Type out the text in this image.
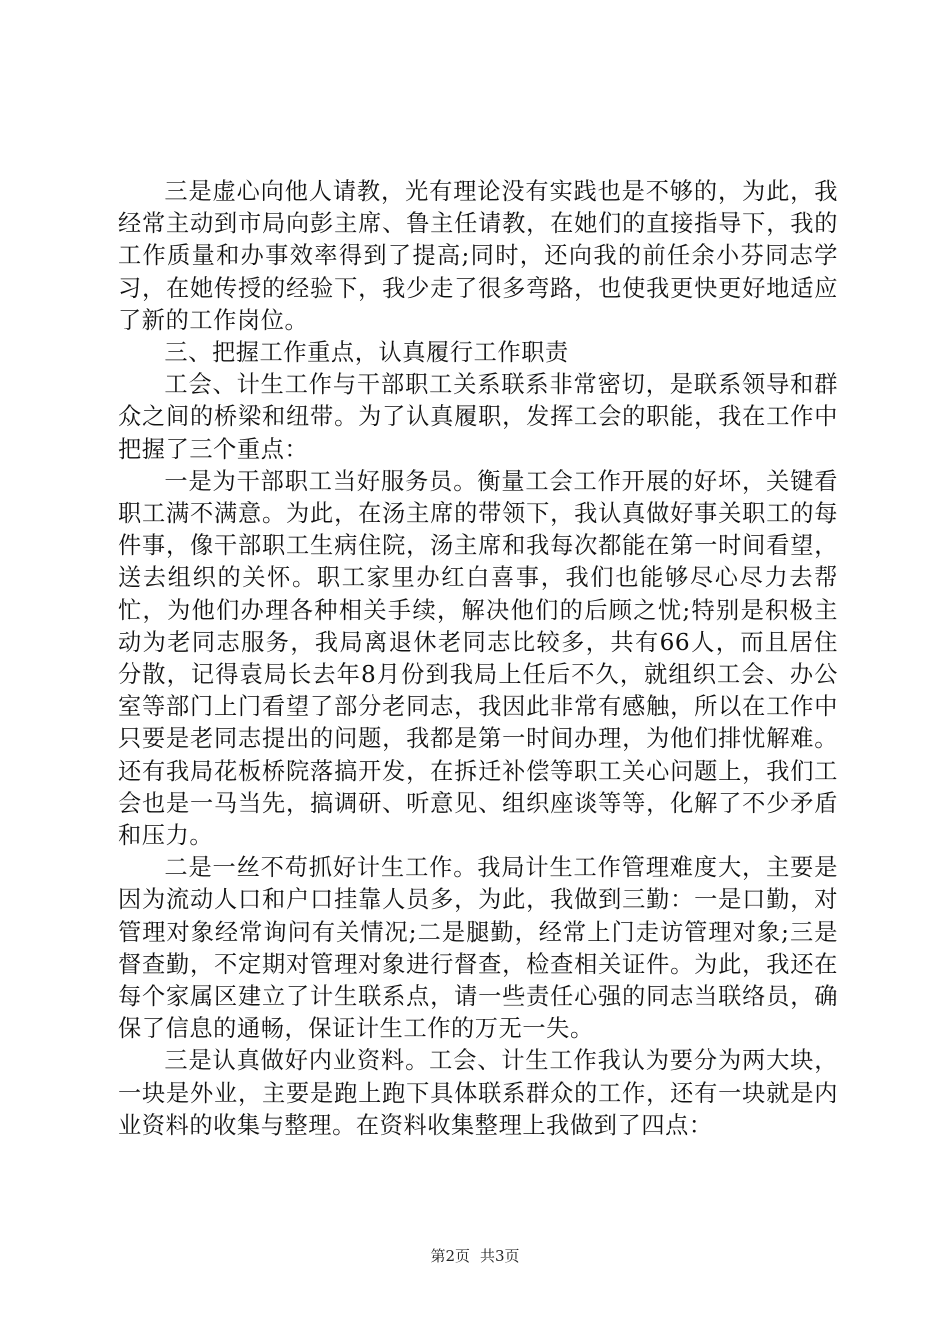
三是虚心向他人请教，光有理论没有实践也是不够的，为此，我经常主动到市局向彭主席、鲁主任请教，在她们的直接指导下，我的工作质量和办事效率得到了提高;同时，还向我的前任余小芬同志学习，在她传授的经验下，我少走了很多弯路，也使我更快更好地适应了新的工作岗位。

三、把握工作重点，认真履行工作职责

工会、计生工作与干部职工关系联系非常密切，是联系领导和群众之间的桥梁和纽带。为了认真履职，发挥工会的职能，我在工作中把握了三个重点：

一是为干部职工当好服务员。衡量工会工作开展的好坏，关键看职工满不满意。为此，在汤主席的带领下，我认真做好事关职工的每件事，像干部职工生病住院，汤主席和我每次都能在第一时间看望，送去组织的关怀。职工家里办红白喜事，我们也能够尽心尽力去帮忙，为他们办理各种相关手续，解决他们的后顾之忧;特别是积极主动为老同志服务，我局离退休老同志比较多，共有66人，而且居住分散，记得袁局长去年8月份到我局上任后不久，就组织工会、办公室等部门上门看望了部分老同志，我因此非常有感触，所以在工作中只要是老同志提出的问题，我都是第一时间办理，为他们排忧解难。还有我局花板桥院落搞开发，在拆迁补偿等职工关心问题上，我们工会也是一马当先，搞调研、听意见、组织座谈等等，化解了不少矛盾和压力。

二是一丝不苟抓好计生工作。我局计生工作管理难度大，主要是因为流动人口和户口挂靠人员多，为此，我做到三勤：一是口勤，对管理对象经常询问有关情况;二是腿勤，经常上门走访管理对象;三是督查勤，不定期对管理对象进行督查，检查相关证件。为此，我还在每个家属区建立了计生联系点，请一些责任心强的同志当联络员，确保了信息的通畅，保证计生工作的万无一失。

三是认真做好内业资料。工会、计生工作我认为要分为两大块，一块是外业，主要是跑上跑下具体联系群众的工作，还有一块就是内业资料的收集与整理。在资料收集整理上我做到了四点：

第2页 共3页
